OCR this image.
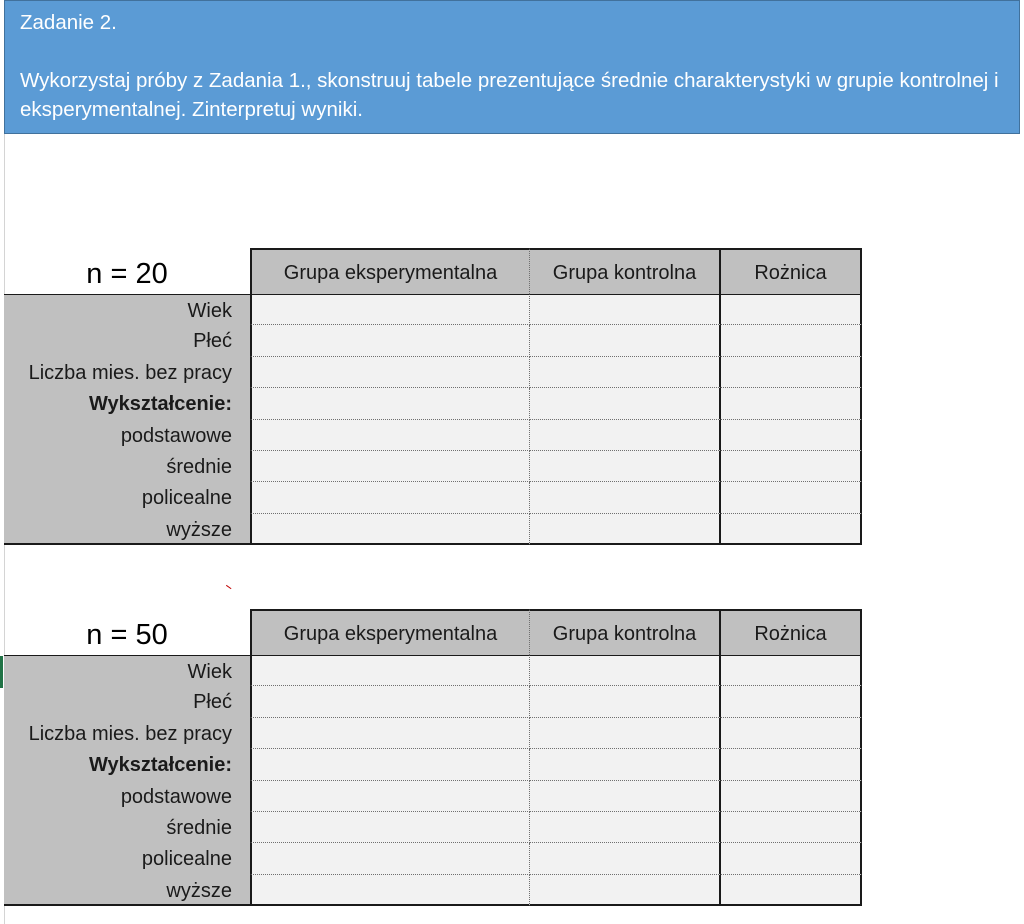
Zadanie 2.
Wykorzystaj próby z Zadania 1., skonstruuj tabele prezentujące średnie charakterystyki w grupie kontrolnej i eksperymentalnej. Zinterpretuj wyniki.
n = 20	Grupa eksperymentalna	Grupa kontrolna	Rożnica
Wiek
Płeć
Liczba mies. bez pracy
Wykształcenie:
podstawowe
średnie
policealne
wyższe
n = 50	Grupa eksperymentalna	Grupa kontrolna	Rożnica
Wiek
Płeć
Liczba mies. bez pracy
Wykształcenie:
podstawowe
średnie
policealne
wyższe
